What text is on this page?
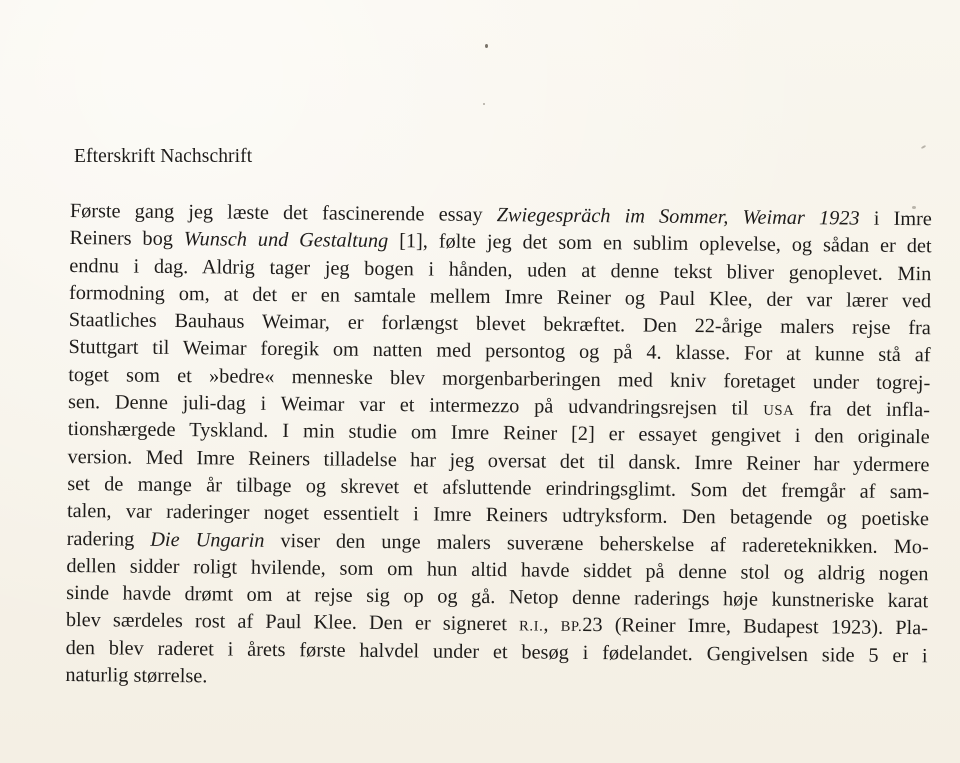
Efterskrift Nachschrift
Første gang jeg læste det fascinerende essay Zwiegespräch im Sommer, Weimar 1923 i Imre
Reiners bog Wunsch und Gestaltung [1], følte jeg det som en sublim oplevelse, og sådan er det
endnu i dag. Aldrig tager jeg bogen i hånden, uden at denne tekst bliver genoplevet. Min
formodning om, at det er en samtale mellem Imre Reiner og Paul Klee, der var lærer ved
Staatliches Bauhaus Weimar, er forlængst blevet bekræftet. Den 22-årige malers rejse fra
Stuttgart til Weimar foregik om natten med persontog og på 4. klasse. For at kunne stå af
toget som et »bedre« menneske blev morgenbarberingen med kniv foretaget under togrej-
sen. Denne juli-dag i Weimar var et intermezzo på udvandringsrejsen til USA fra det infla-
tionshærgede Tyskland. I min studie om Imre Reiner [2] er essayet gengivet i den originale
version. Med Imre Reiners tilladelse har jeg oversat det til dansk. Imre Reiner har ydermere
set de mange år tilbage og skrevet et afsluttende erindringsglimt. Som det fremgår af sam-
talen, var raderinger noget essentielt i Imre Reiners udtryksform. Den betagende og poetiske
radering Die Ungarin viser den unge malers suveræne beherskelse af radereteknikken. Mo-
dellen sidder roligt hvilende, som om hun altid havde siddet på denne stol og aldrig nogen
sinde havde drømt om at rejse sig op og gå. Netop denne raderings høje kunstneriske karat
blev særdeles rost af Paul Klee. Den er signeret R.I., BP.23 (Reiner Imre, Budapest 1923). Pla-
den blev raderet i årets første halvdel under et besøg i fødelandet. Gengivelsen side 5 er i
naturlig størrelse.
